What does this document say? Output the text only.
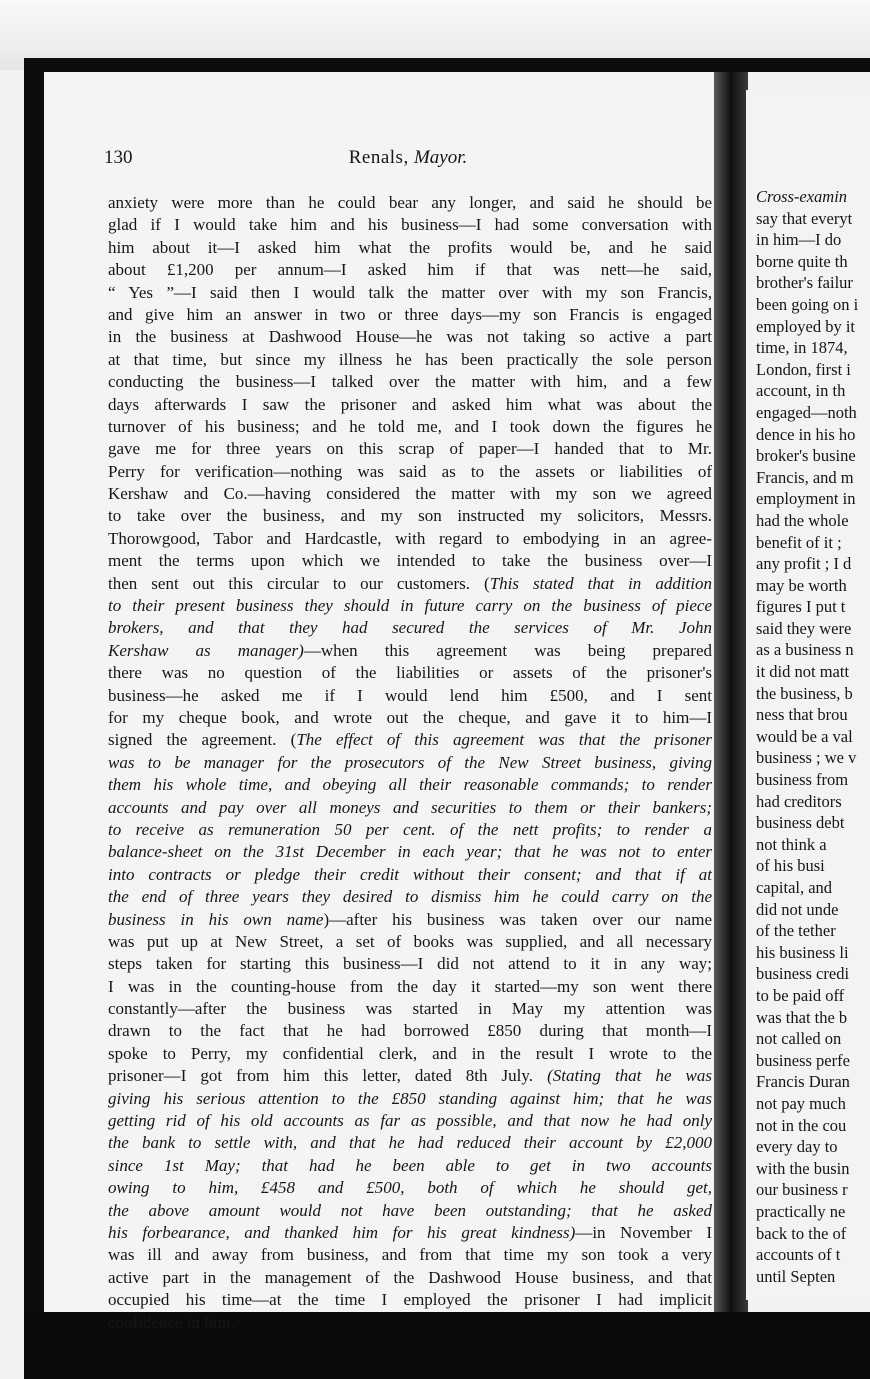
130	Renals, Mayor.
anxiety were more than he could bear any longer, and said he should be
glad if I would take him and his business—I had some conversation with
him about it—I asked him what the profits would be, and he said
about £1,200 per annum—I asked him if that was nett—he said,
“ Yes ”—I said then I would talk the matter over with my son Francis,
and give him an answer in two or three days—my son Francis is engaged
in the business at Dashwood House—he was not taking so active a part
at that time, but since my illness he has been practically the sole person
conducting the business—I talked over the matter with him, and a few
days afterwards I saw the prisoner and asked him what was about the
turnover of his business; and he told me, and I took down the figures he
gave me for three years on this scrap of paper—I handed that to Mr.
Perry for verification—nothing was said as to the assets or liabilities of
Kershaw and Co.—having considered the matter with my son we agreed
to take over the business, and my son instructed my solicitors, Messrs.
Thorowgood, Tabor and Hardcastle, with regard to embodying in an agree-
ment the terms upon which we intended to take the business over—I
then sent out this circular to our customers. (This stated that in addition
to their present business they should in future carry on the business of piece
brokers, and that they had secured the services of Mr. John
Kershaw as manager)—when this agreement was being prepared
there was no question of the liabilities or assets of the prisoner's
business—he asked me if I would lend him £500, and I sent
for my cheque book, and wrote out the cheque, and gave it to him—I
signed the agreement. (The effect of this agreement was that the prisoner
was to be manager for the prosecutors of the New Street business, giving
them his whole time, and obeying all their reasonable commands; to render
accounts and pay over all moneys and securities to them or their bankers;
to receive as remuneration 50 per cent. of the nett profits; to render a
balance-sheet on the 31st December in each year; that he was not to enter
into contracts or pledge their credit without their consent; and that if at
the end of three years they desired to dismiss him he could carry on the
business in his own name)—after his business was taken over our name
was put up at New Street, a set of books was supplied, and all necessary
steps taken for starting this business—I did not attend to it in any way;
I was in the counting-house from the day it started—my son went there
constantly—after the business was started in May my attention was
drawn to the fact that he had borrowed £850 during that month—I
spoke to Perry, my confidential clerk, and in the result I wrote to the
prisoner—I got from him this letter, dated 8th July. (Stating that he was
giving his serious attention to the £850 standing against him; that he was
getting rid of his old accounts as far as possible, and that now he had only
the bank to settle with, and that he had reduced their account by £2,000
since 1st May; that had he been able to get in two accounts
owing to him, £458 and £500, both of which he should get,
the above amount would not have been outstanding; that he asked
his forbearance, and thanked him for his great kindness)—in November I
was ill and away from business, and from that time my son took a very
active part in the management of the Dashwood House business, and that
occupied his time—at the time I employed the prisoner I had implicit
confidence in him.
Cross-examin
say that everyt
in him—I do
borne quite th
brother's failur
been going on i
employed by it
time, in 1874,
London, first i
account, in th
engaged—noth
dence in his ho
broker's busine
Francis, and m
employment in
had the whole
benefit of it ;
any profit ; I d
may be worth
figures I put t
said they were
as a business n
it did not matt
the business, b
ness that brou
would be a val
business ; we v
business from
had creditors
business debt
not think a
of his busi
capital, and
did not unde
of the tether
his business li
business credi
to be paid off
was that the b
not called on
business perfe
Francis Duran
not pay much
not in the cou
every day to
with the busin
our business r
practically ne
back to the of
accounts of t
until Septen
